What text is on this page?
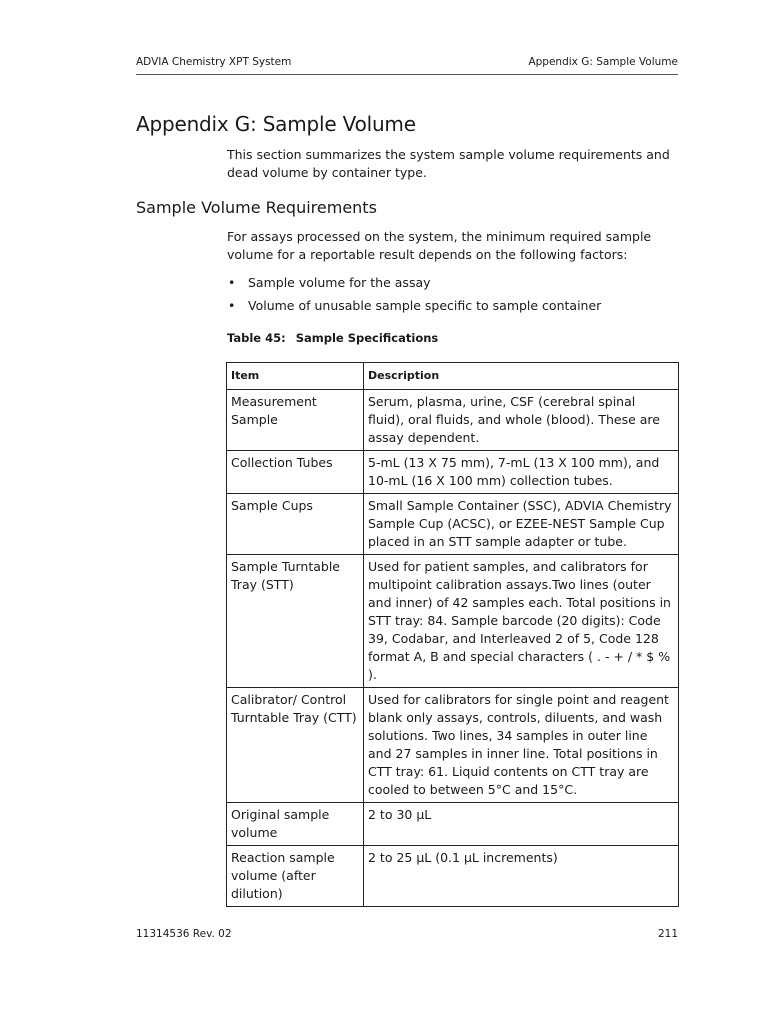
ADVIA Chemistry XPT System	Appendix G: Sample Volume
Appendix G: Sample Volume

This section summarizes the system sample volume requirements and dead volume by container type.

Sample Volume Requirements

For assays processed on the system, the minimum required sample volume for a reportable result depends on the following factors:

• Sample volume for the assay
• Volume of unusable sample specific to sample container
Table 45: Sample Specifications
Item	Description
Measurement Sample	Serum, plasma, urine, CSF (cerebral spinal fluid), oral fluids, and whole (blood). These are assay dependent.
Collection Tubes	5-mL (13 X 75 mm), 7-mL (13 X 100 mm), and 10-mL (16 X 100 mm) collection tubes.
Sample Cups	Small Sample Container (SSC), ADVIA Chemistry Sample Cup (ACSC), or EZEE-NEST Sample Cup placed in an STT sample adapter or tube.
Sample Turntable Tray (STT)	Used for patient samples, and calibrators for multipoint calibration assays.Two lines (outer and inner) of 42 samples each. Total positions in STT tray: 84. Sample barcode (20 digits): Code 39, Codabar, and Interleaved 2 of 5, Code 128 format A, B and special characters ( . - + / * $ % ).
Calibrator/ Control Turntable Tray (CTT)	Used for calibrators for single point and reagent blank only assays, controls, diluents, and wash solutions. Two lines, 34 samples in outer line and 27 samples in inner line. Total positions in CTT tray: 61. Liquid contents on CTT tray are cooled to between 5°C and 15°C.
Original sample volume	2 to 30 µL
Reaction sample volume (after dilution)	2 to 25 µL (0.1 µL increments)
11314536 Rev. 02	211
